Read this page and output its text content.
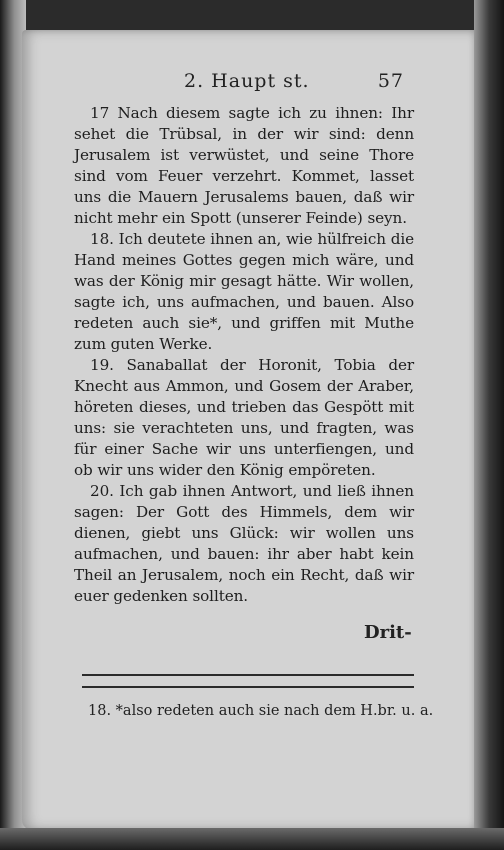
2. Haupt st.	57

17 Nach diesem sagte ich zu ihnen: Ihr sehet die Trübsal, in der wir sind: denn Jerusalem ist verwüstet, und seine Thore sind vom Feuer verzehrt. Kommet, lasset uns die Mauern Jerusalems bauen, daß wir nicht mehr ein Spott (unserer Feinde) seyn.

18. Ich deutete ihnen an, wie hülfreich die Hand meines Gottes gegen mich wäre, und was der König mir gesagt hätte. Wir wollen, sagte ich, uns aufmachen, und bauen. Also redeten auch sie*, und griffen mit Muthe zum guten Werke.

19. Sanaballat der Horonit, Tobia der Knecht aus Ammon, und Gosem der Araber, höreten dieses, und trieben das Gespött mit uns: sie verachteten uns, und fragten, was für einer Sache wir uns unterfiengen, und ob wir uns wider den König empöreten.

20. Ich gab ihnen Antwort, und ließ ihnen sagen: Der Gott des Himmels, dem wir dienen, giebt uns Glück: wir wollen uns aufmachen, und bauen: ihr aber habt kein Theil an Jerusalem, noch ein Recht, daß wir euer gedenken sollten.

Drit-
18. *also redeten auch sie nach dem H.br. u. a.
